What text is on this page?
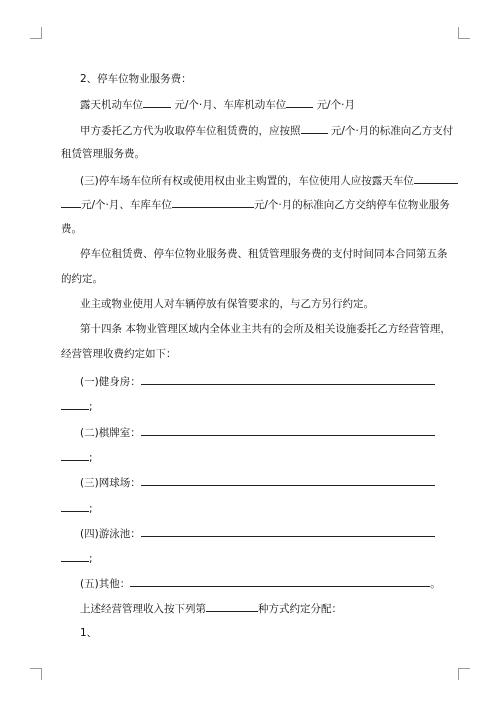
2、停车位物业服务费：
露天机动车位	元/个·月、车库机动车位	元/个·月
甲方委托乙方代为收取停车位租赁费的，应按照	元/个·月的标准向乙方支付
租赁管理服务费。
(三)停车场车位所有权或使用权由业主购置的，车位使用人应按露天车位
元/个·月、车库车位	元/个·月的标准向乙方交纳停车位物业服务
费。
停车位租赁费、停车位物业服务费、租赁管理服务费的支付时间同本合同第五条
的约定。
业主或物业使用人对车辆停放有保管要求的，与乙方另行约定。
第十四条 本物业管理区域内全体业主共有的会所及相关设施委托乙方经营管理，
经营管理收费约定如下：
(一)健身房：
;
(二)棋牌室：
;
(三)网球场：
;
(四)游泳池：
;
(五)其他：	。
上述经营管理收入按下列第	种方式约定分配：
1、
